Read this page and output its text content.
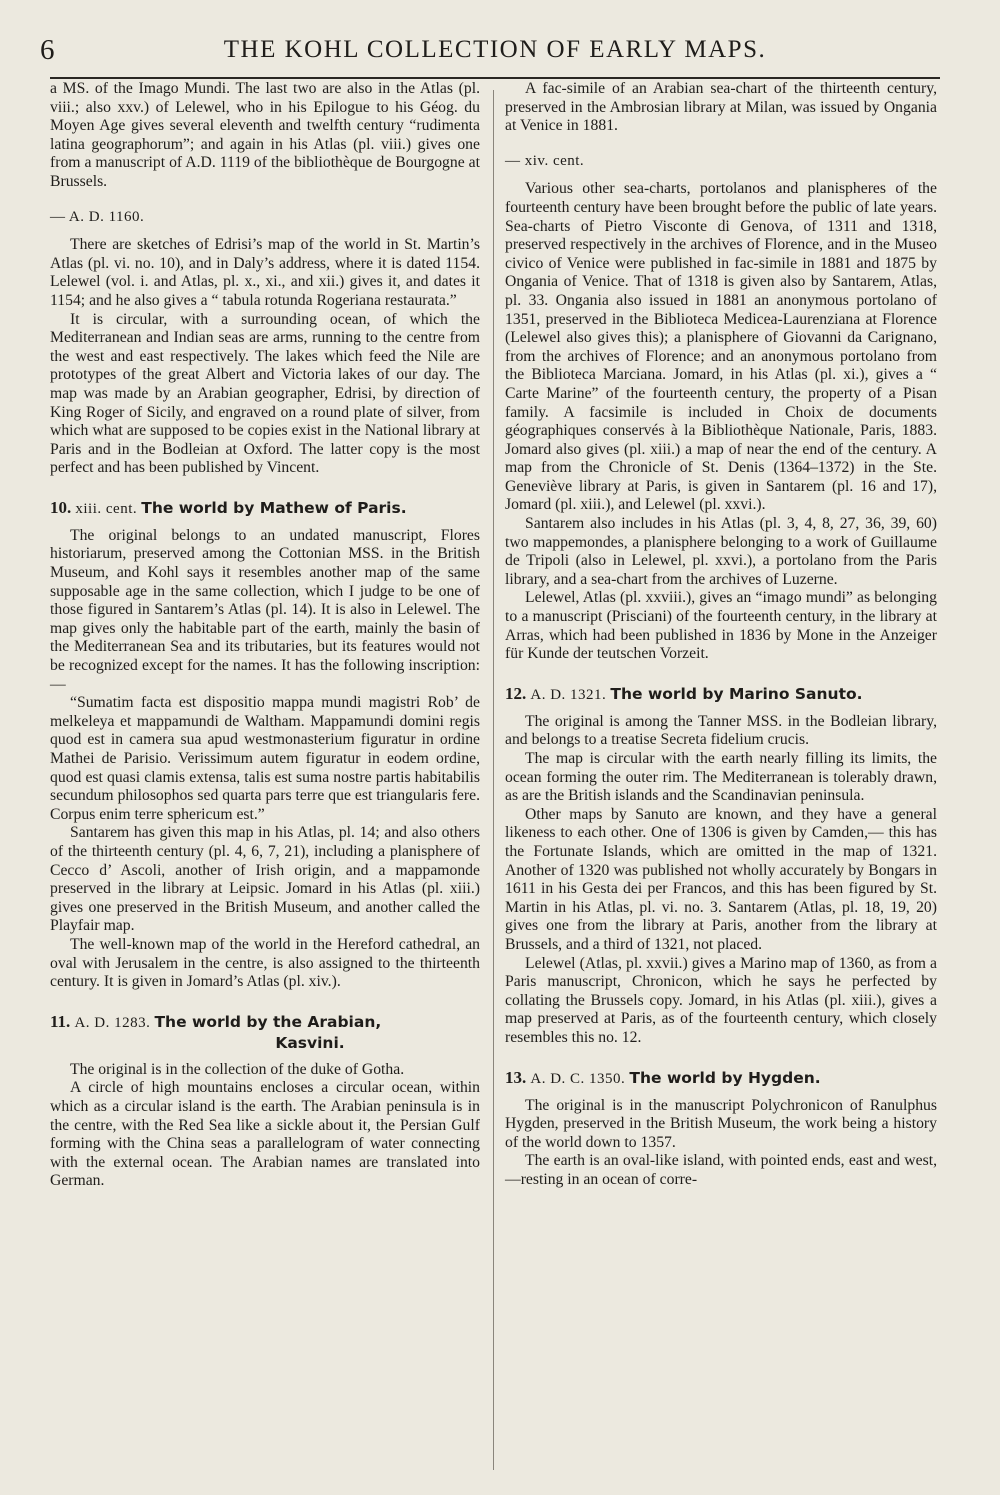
6	THE KOHL COLLECTION OF EARLY MAPS.

a MS. of the Imago Mundi. The last two are also in the Atlas (pl. viii.; also xxv.) of Lelewel, who in his Epilogue to his Géog. du Moyen Age gives several eleventh and twelfth century “rudimenta latina geographorum”; and again in his Atlas (pl. viii.) gives one from a manuscript of A.D. 1119 of the bibliothèque de Bourgogne at Brussels.

— A. D. 1160.

There are sketches of Edrisi’s map of the world in St. Martin’s Atlas (pl. vi. no. 10), and in Daly’s address, where it is dated 1154. Lelewel (vol. i. and Atlas, pl. x., xi., and xii.) gives it, and dates it 1154; and he also gives a “ tabula rotunda Rogeriana restaurata.”

It is circular, with a surrounding ocean, of which the Mediterranean and Indian seas are arms, running to the centre from the west and east respectively. The lakes which feed the Nile are prototypes of the great Albert and Victoria lakes of our day. The map was made by an Arabian geographer, Edrisi, by direction of King Roger of Sicily, and engraved on a round plate of silver, from which what are supposed to be copies exist in the National library at Paris and in the Bodleian at Oxford. The latter copy is the most perfect and has been published by Vincent.

10. xiii. cent. The world by Mathew of Paris.

The original belongs to an undated manuscript, Flores historiarum, preserved among the Cottonian MSS. in the British Museum, and Kohl says it resembles another map of the same supposable age in the same collection, which I judge to be one of those figured in Santarem’s Atlas (pl. 14). It is also in Lelewel. The map gives only the habitable part of the earth, mainly the basin of the Mediterranean Sea and its tributaries, but its features would not be recognized except for the names. It has the following inscription:—

“Sumatim facta est dispositio mappa mundi magistri Rob’ de melkeleya et mappamundi de Waltham. Mappamundi domini regis quod est in camera sua apud westmonasterium figuratur in ordine Mathei de Parisio. Verissimum autem figuratur in eodem ordine, quod est quasi clamis extensa, talis est suma nostre partis habitabilis secundum philosophos sed quarta pars terre que est triangularis fere. Corpus enim terre sphericum est.”

Santarem has given this map in his Atlas, pl. 14; and also others of the thirteenth century (pl. 4, 6, 7, 21), including a planisphere of Cecco d’ Ascoli, another of Irish origin, and a mappamonde preserved in the library at Leipsic. Jomard in his Atlas (pl. xiii.) gives one preserved in the British Museum, and another called the Playfair map.

The well-known map of the world in the Hereford cathedral, an oval with Jerusalem in the centre, is also assigned to the thirteenth century. It is given in Jomard’s Atlas (pl. xiv.).

11. A. D. 1283. The world by the Arabian,
Kasvini.

The original is in the collection of the duke of Gotha.

A circle of high mountains encloses a circular ocean, within which as a circular island is the earth. The Arabian peninsula is in the centre, with the Red Sea like a sickle about it, the Persian Gulf forming with the China seas a parallelogram of water connecting with the external ocean. The Arabian names are translated into German.

A fac-simile of an Arabian sea-chart of the thirteenth century, preserved in the Ambrosian library at Milan, was issued by Ongania at Venice in 1881.

— xiv. cent.

Various other sea-charts, portolanos and planispheres of the fourteenth century have been brought before the public of late years. Sea-charts of Pietro Visconte di Genova, of 1311 and 1318, preserved respectively in the archives of Florence, and in the Museo civico of Venice were published in fac-simile in 1881 and 1875 by Ongania of Venice. That of 1318 is given also by Santarem, Atlas, pl. 33. Ongania also issued in 1881 an anonymous portolano of 1351, preserved in the Biblioteca Medicea-Laurenziana at Florence (Lelewel also gives this); a planisphere of Giovanni da Carignano, from the archives of Florence; and an anonymous portolano from the Biblioteca Marciana. Jomard, in his Atlas (pl. xi.), gives a “ Carte Marine” of the fourteenth century, the property of a Pisan family. A facsimile is included in Choix de documents géographiques conservés à la Bibliothèque Nationale, Paris, 1883. Jomard also gives (pl. xiii.) a map of near the end of the century. A map from the Chronicle of St. Denis (1364–1372) in the Ste. Geneviève library at Paris, is given in Santarem (pl. 16 and 17), Jomard (pl. xiii.), and Lelewel (pl. xxvi.).

Santarem also includes in his Atlas (pl. 3, 4, 8, 27, 36, 39, 60) two mappemondes, a planisphere belonging to a work of Guillaume de Tripoli (also in Lelewel, pl. xxvi.), a portolano from the Paris library, and a sea-chart from the archives of Luzerne.

Lelewel, Atlas (pl. xxviii.), gives an “imago mundi” as belonging to a manuscript (Prisciani) of the fourteenth century, in the library at Arras, which had been published in 1836 by Mone in the Anzeiger für Kunde der teutschen Vorzeit.

12. A. D. 1321. The world by Marino Sanuto.

The original is among the Tanner MSS. in the Bodleian library, and belongs to a treatise Secreta fidelium crucis.

The map is circular with the earth nearly filling its limits, the ocean forming the outer rim. The Mediterranean is tolerably drawn, as are the British islands and the Scandinavian peninsula.

Other maps by Sanuto are known, and they have a general likeness to each other. One of 1306 is given by Camden,— this has the Fortunate Islands, which are omitted in the map of 1321. Another of 1320 was published not wholly accurately by Bongars in 1611 in his Gesta dei per Francos, and this has been figured by St. Martin in his Atlas, pl. vi. no. 3. Santarem (Atlas, pl. 18, 19, 20) gives one from the library at Paris, another from the library at Brussels, and a third of 1321, not placed.

Lelewel (Atlas, pl. xxvii.) gives a Marino map of 1360, as from a Paris manuscript, Chronicon, which he says he perfected by collating the Brussels copy. Jomard, in his Atlas (pl. xiii.), gives a map preserved at Paris, as of the fourteenth century, which closely resembles this no. 12.

13. A. D. C. 1350. The world by Hygden.

The original is in the manuscript Polychronicon of Ranulphus Hygden, preserved in the British Museum, the work being a history of the world down to 1357.

The earth is an oval-like island, with pointed ends, east and west,—resting in an ocean of corre-
